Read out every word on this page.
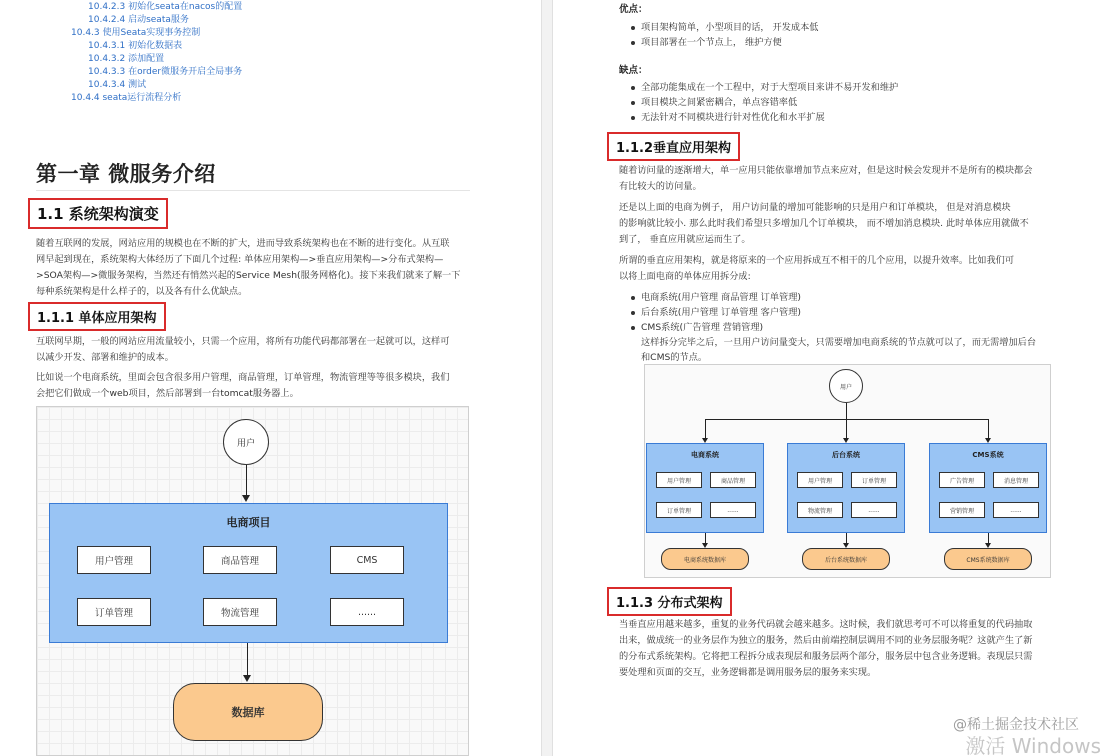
10.4.2.3 初始化seata在nacos的配置
10.4.2.4 启动seata服务
10.4.3 使用Seata实现事务控制
10.4.3.1 初始化数据表
10.4.3.2 添加配置
10.4.3.3 在order微服务开启全局事务
10.4.3.4 测试
10.4.4 seata运行流程分析
第一章 微服务介绍
1.1 系统架构演变
随着互联网的发展，网站应用的规模也在不断的扩大，进而导致系统架构也在不断的进行变化。从互联
网早起到现在，系统架构大体经历了下面几个过程: 单体应用架构—>垂直应用架构—>分布式架构—
>SOA架构—>微服务架构，当然还有悄然兴起的Service Mesh(服务网格化)。接下来我们就来了解一下
每种系统架构是什么样子的，以及各有什么优缺点。
1.1.1 单体应用架构
互联网早期，一般的网站应用流量较小，只需一个应用，将所有功能代码都部署在一起就可以，这样可
以减少开发、部署和维护的成本。
比如说一个电商系统，里面会包含很多用户管理，商品管理，订单管理，物流管理等等很多模块，我们
会把它们做成一个web项目，然后部署到一台tomcat服务器上。
用户
电商项目
用户管理	商品管理	CMS
订单管理	物流管理	......
数据库
优点：
项目架构简单，小型项目的话， 开发成本低
项目部署在一个节点上， 维护方便
缺点：
全部功能集成在一个工程中，对于大型项目来讲不易开发和维护
项目模块之间紧密耦合，单点容错率低
无法针对不同模块进行针对性优化和水平扩展
1.1.2垂直应用架构
随着访问量的逐渐增大，单一应用只能依靠增加节点来应对，但是这时候会发现并不是所有的模块都会
有比较大的访问量。
还是以上面的电商为例子， 用户访问量的增加可能影响的只是用户和订单模块， 但是对消息模块
的影响就比较小. 那么此时我们希望只多增加几个订单模块， 而不增加消息模块. 此时单体应用就做不
到了， 垂直应用就应运而生了。
所谓的垂直应用架构，就是将原来的一个应用拆成互不相干的几个应用，以提升效率。比如我们可
以将上面电商的单体应用拆分成:
电商系统(用户管理 商品管理 订单管理)
后台系统(用户管理 订单管理 客户管理)
CMS系统(广告管理 营销管理)
这样拆分完毕之后，一旦用户访问量变大，只需要增加电商系统的节点就可以了，而无需增加后台
和CMS的节点。
用户
电商系统
用户管理	商品管理
订单管理	......
后台系统
用户管理	订单管理
物流管理	......
CMS系统
广告管理	消息管理
营销管理	......
电商系统数据库	后台系统数据库	CMS系统数据库
1.1.3 分布式架构
当垂直应用越来越多，重复的业务代码就会越来越多。这时候，我们就思考可不可以将重复的代码抽取
出来，做成统一的业务层作为独立的服务，然后由前端控制层调用不同的业务层服务呢？这就产生了新
的分布式系统架构。它将把工程拆分成表现层和服务层两个部分，服务层中包含业务逻辑。表现层只需
要处理和页面的交互，业务逻辑都是调用服务层的服务来实现。
@稀土掘金技术社区
激活 Windows
